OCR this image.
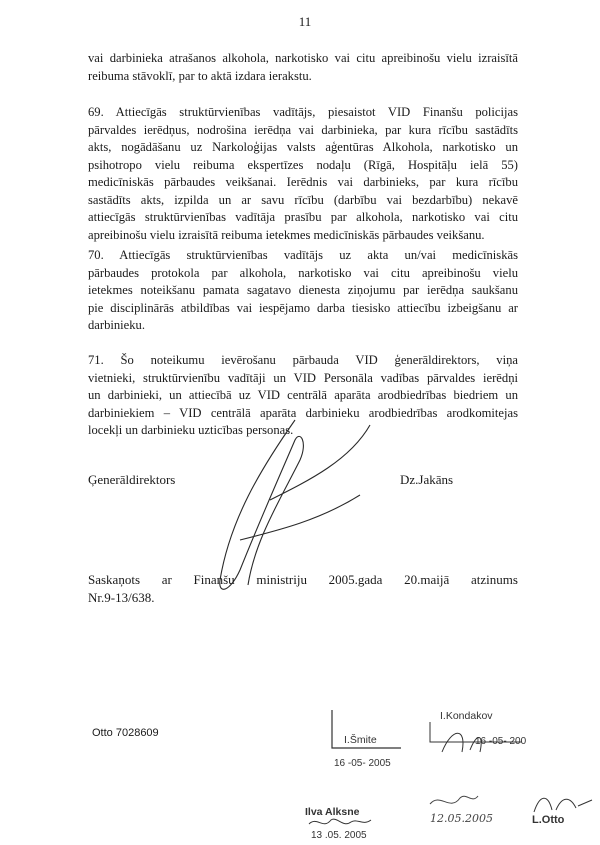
11
vai darbinieka atrašanos alkohola, narkotisko vai citu apreibinošu vielu izraisītā
reibuma stāvoklī, par to aktā izdara ierakstu.
69. Attiecīgās struktūrvienības vadītājs, piesaistot VID Finanšu policijas
pārvaldes ierēdņus, nodrošina ierēdņa vai darbinieka, par kura rīcību sastādīts
akts, nogādāšanu uz Narkoloģijas valsts aģentūras Alkohola, narkotisko un
psihotropo vielu reibuma ekspertīzes nodaļu (Rīgā, Hospitāļu ielā 55)
medicīniskās pārbaudes veikšanai. Ierēdnis vai darbinieks, par kura rīcību
sastādīts akts, izpilda un ar savu rīcību (darbību vai bezdarbību) nekavē
attiecīgās struktūrvienības vadītāja prasību par alkohola, narkotisko vai citu
apreibinošu vielu izraisītā reibuma ietekmes medicīniskās pārbaudes veikšanu.
70. Attiecīgās struktūrvienības vadītājs uz akta un/vai medicīniskās
pārbaudes protokola par alkohola, narkotisko vai citu apreibinošu vielu
ietekmes noteikšanu pamata sagatavo dienesta ziņojumu par ierēdņa saukšanu
pie disciplinārās atbildības vai iespējamo darba tiesisko attiecību izbeigšanu ar
darbinieku.
71. Šo noteikumu ievērošanu pārbauda VID ģenerāldirektors, viņa
vietnieki, struktūrvienību vadītāji un VID Personāla vadības pārvaldes ierēdņi
un darbinieki, un attiecībā uz VID centrālā aparāta arodbiedrības biedriem un
darbiniekiem – VID centrālā aparāta darbinieku arodbiedrības arodkomitejas
locekļi un darbinieku uzticības personas.
Ģenerāldirektors	Dz.Jakāns
Saskaņots ar Finanšu ministriju 2005.gada 20.maijā atzinums
Nr.9-13/638.
Otto 7028609
I.Šmite
16 -05- 2005
I.Kondakov
16 -05- 200
Ilva Alksne
13 .05. 2005
12.05.2005	L.Otto
